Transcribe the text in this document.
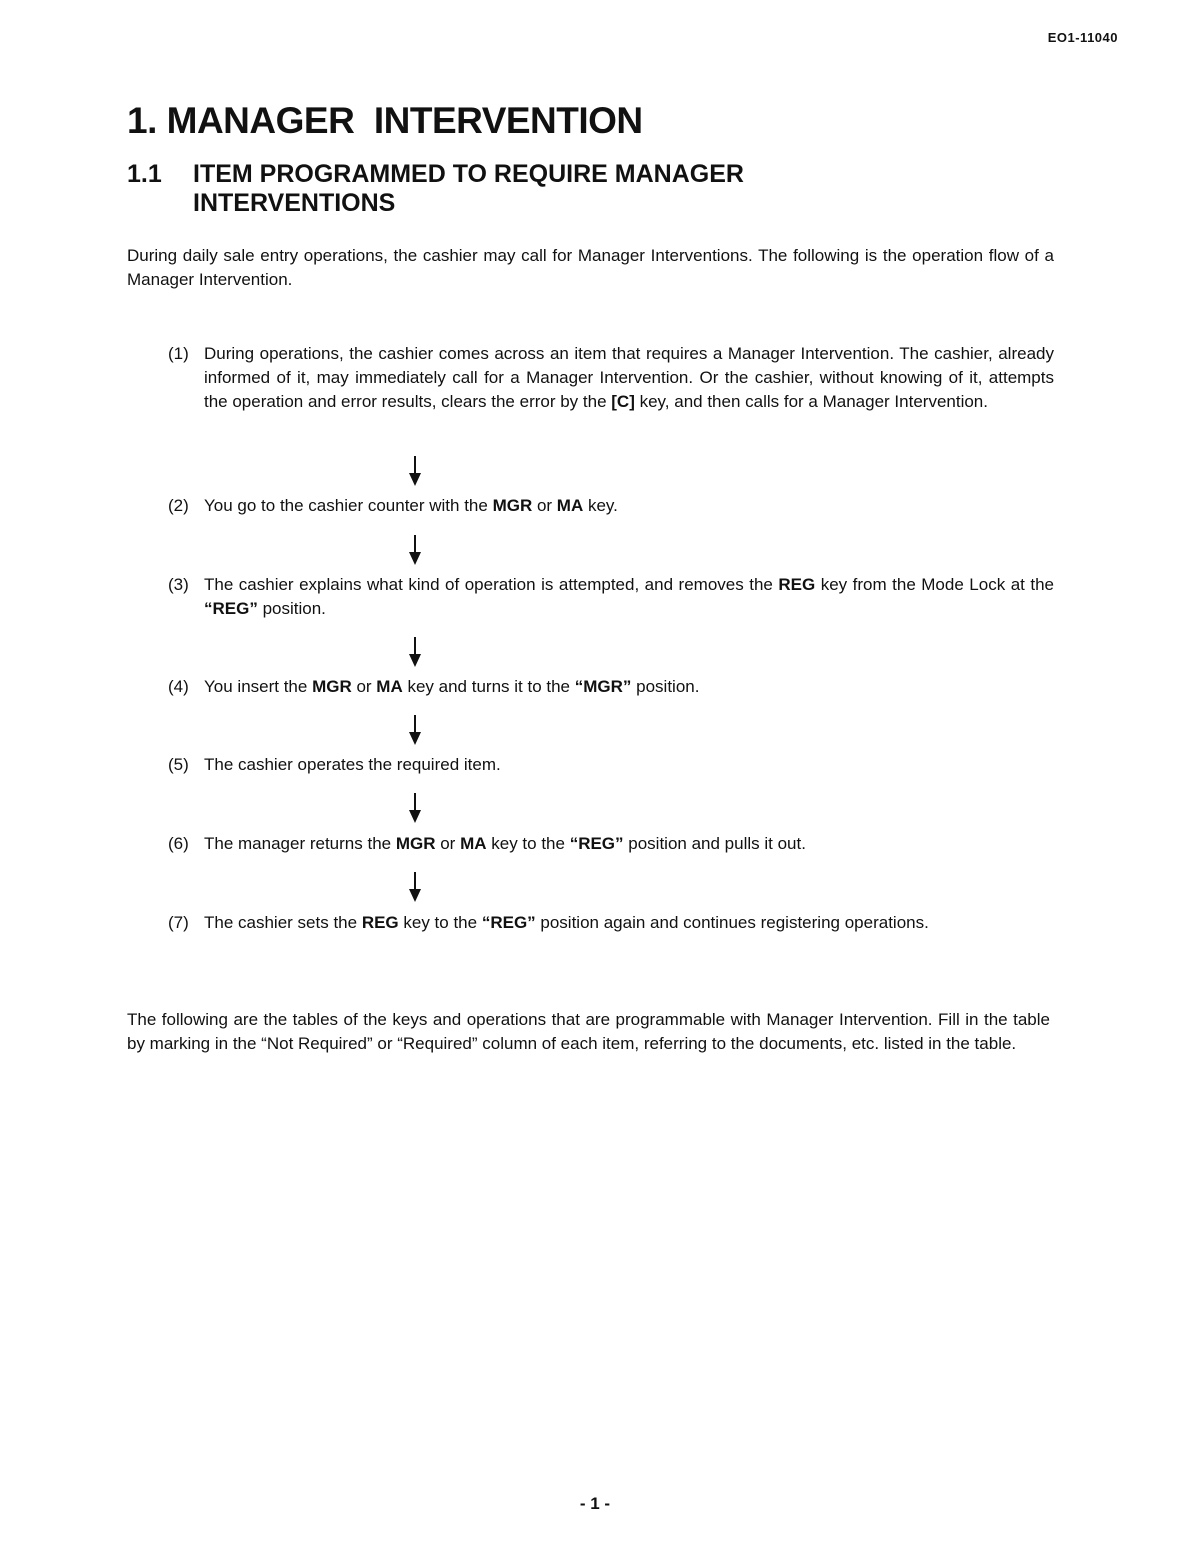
EO1-11040
1. MANAGER  INTERVENTION
1.1	ITEM PROGRAMMED TO REQUIRE MANAGER INTERVENTIONS

During daily sale entry operations, the cashier may call for Manager Interventions. The following is the operation flow of a Manager Intervention.

(1) During operations, the cashier comes across an item that requires a Manager Intervention. The cashier, already informed of it, may immediately call for a Manager Intervention. Or the cashier, without knowing of it, attempts the operation and error results, clears the error by the [C] key, and then calls for a Manager Intervention.
(2) You go to the cashier counter with the MGR or MA key.
(3) The cashier explains what kind of operation is attempted, and removes the REG key from the Mode Lock at the “REG” position.
(4) You insert the MGR or MA key and turns it to the “MGR” position.
(5) The cashier operates the required item.
(6) The manager returns the MGR or MA key to the “REG” position and pulls it out.
(7) The cashier sets the REG key to the “REG” position again and continues registering operations.

The following are the tables of the keys and operations that are programmable with Manager Intervention. Fill in the table by marking in the “Not Required” or “Required” column of each item, referring to the documents, etc. listed in the table.

- 1 -
